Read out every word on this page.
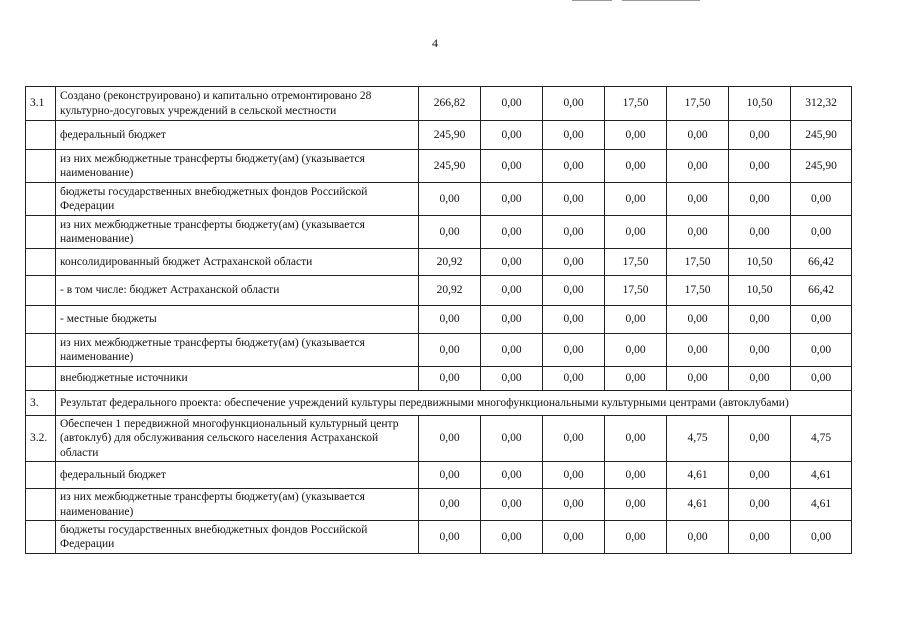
4
3.1	Создано (реконструировано) и капитально отремонтировано 28 культурно-досуговых учреждений в сельской местности	266,82	0,00	0,00	17,50	17,50	10,50	312,32
	федеральный бюджет	245,90	0,00	0,00	0,00	0,00	0,00	245,90
	из них межбюджетные трансферты бюджету(ам) (указывается наименование)	245,90	0,00	0,00	0,00	0,00	0,00	245,90
	бюджеты государственных внебюджетных фондов Российской Федерации	0,00	0,00	0,00	0,00	0,00	0,00	0,00
	из них межбюджетные трансферты бюджету(ам) (указывается наименование)	0,00	0,00	0,00	0,00	0,00	0,00	0,00
	консолидированный бюджет Астраханской области	20,92	0,00	0,00	17,50	17,50	10,50	66,42
	- в том числе: бюджет Астраханской области	20,92	0,00	0,00	17,50	17,50	10,50	66,42
	- местные бюджеты	0,00	0,00	0,00	0,00	0,00	0,00	0,00
	из них межбюджетные трансферты бюджету(ам) (указывается наименование)	0,00	0,00	0,00	0,00	0,00	0,00	0,00
	внебюджетные источники	0,00	0,00	0,00	0,00	0,00	0,00	0,00
3.	Результат федерального проекта: обеспечение учреждений культуры передвижными многофункциональными культурными центрами (автоклубами)							
3.2.	Обеспечен 1 передвижной многофункциональный культурный центр (автоклуб) для обслуживания сельского населения Астраханской области	0,00	0,00	0,00	0,00	4,75	0,00	4,75
	федеральный бюджет	0,00	0,00	0,00	0,00	4,61	0,00	4,61
	из них межбюджетные трансферты бюджету(ам) (указывается наименование)	0,00	0,00	0,00	0,00	4,61	0,00	4,61
	бюджеты государственных внебюджетных фондов Российской Федерации	0,00	0,00	0,00	0,00	0,00	0,00	0,00
